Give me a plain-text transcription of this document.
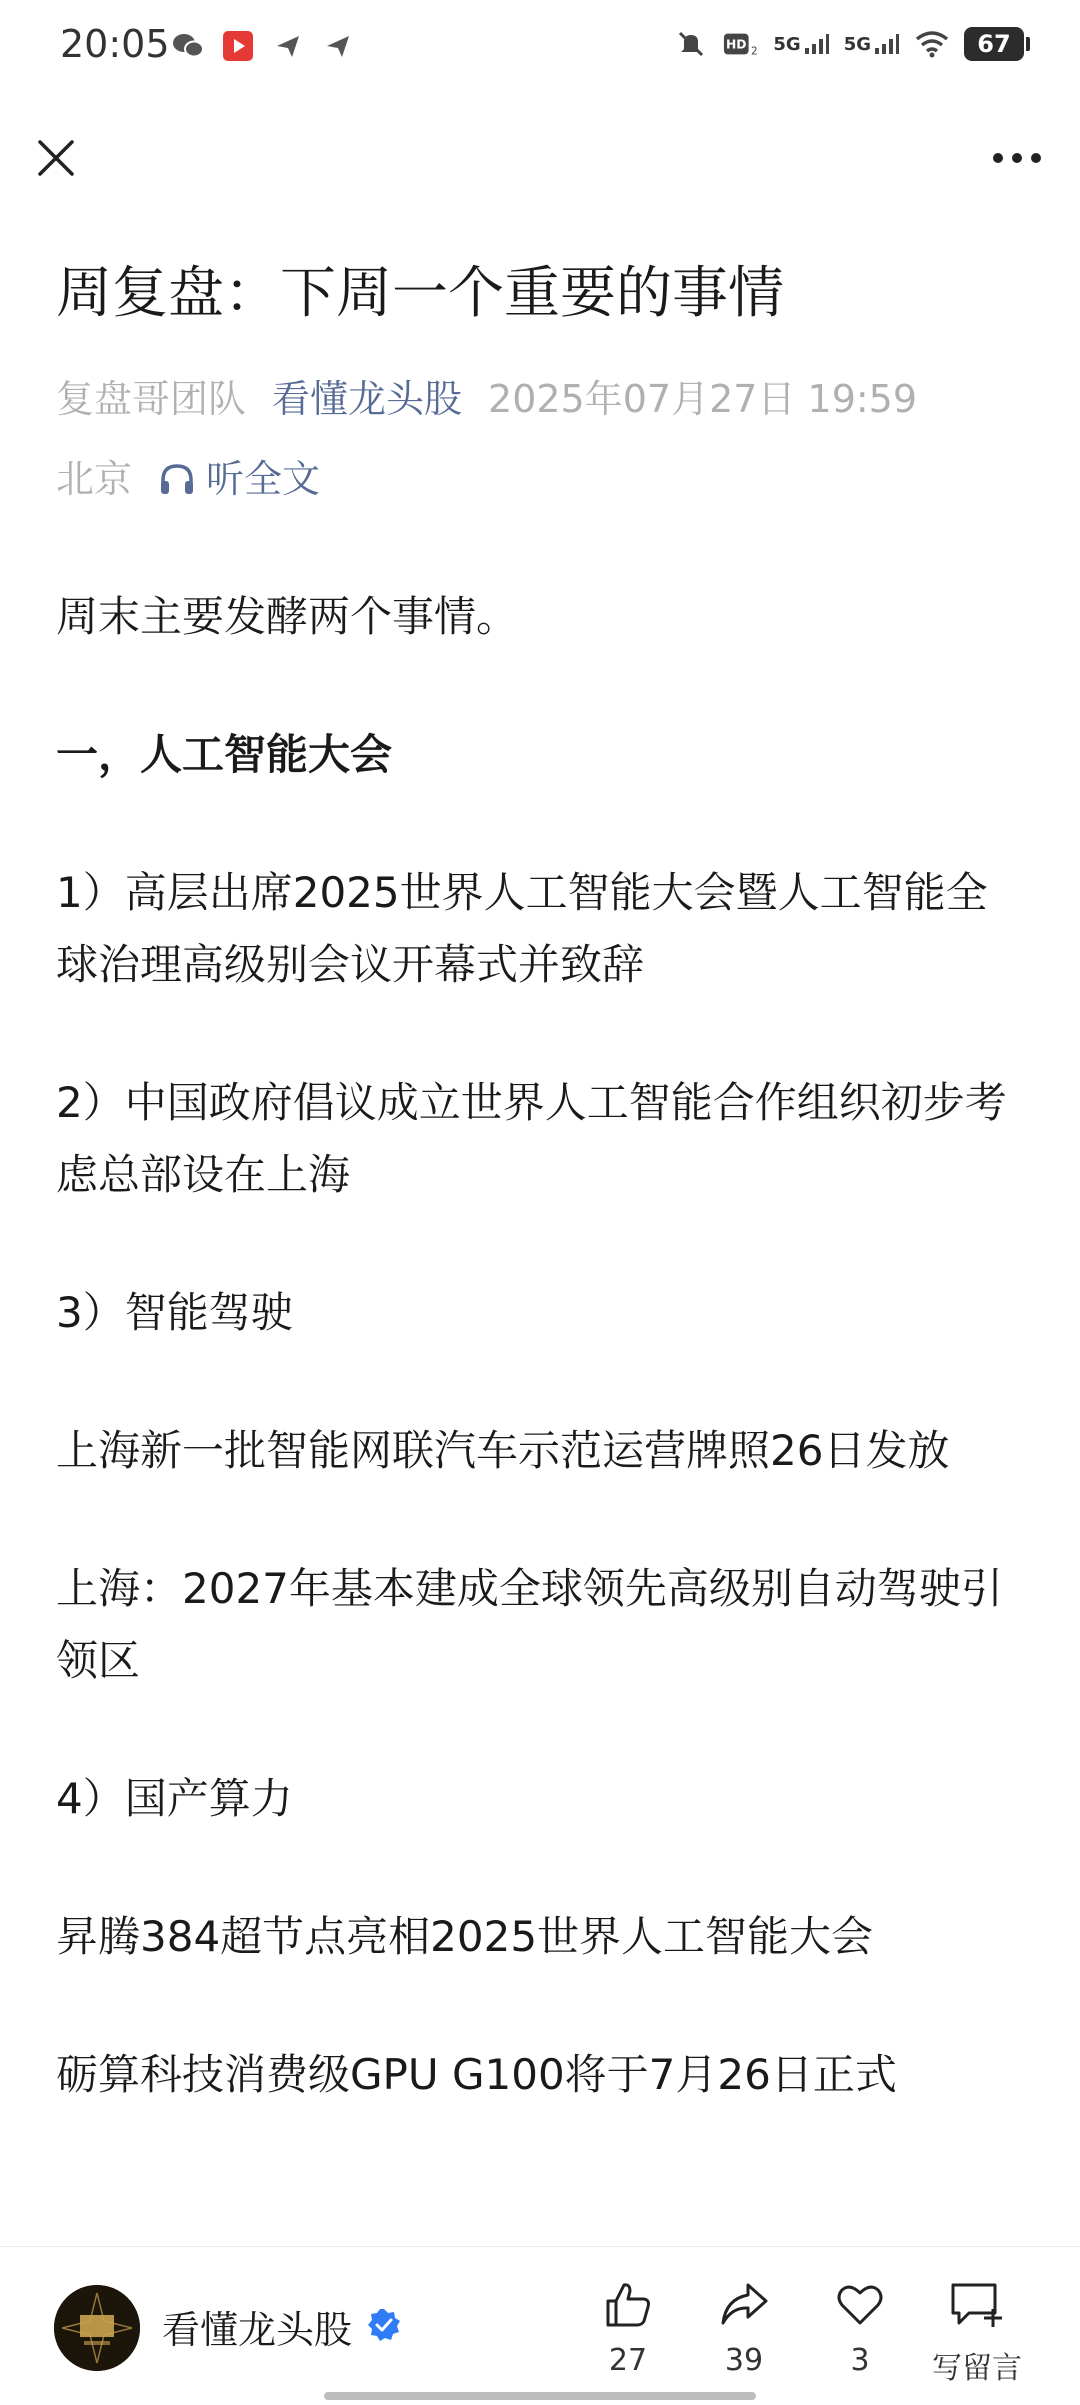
20:05	HD 2 5G 5G	67
周复盘：下周一个重要的事情
复盘哥团队 看懂龙头股 2025年07月27日 19:59
北京 听全文

周末主要发酵两个事情。

一，人工智能大会

1）高层出席2025世界人工智能大会暨人工智能全球治理高级别会议开幕式并致辞

2）中国政府倡议成立世界人工智能合作组织初步考虑总部设在上海

3）智能驾驶

上海新一批智能网联汽车示范运营牌照26日发放

上海：2027年基本建成全球领先高级别自动驾驶引领区

4）国产算力

昇腾384超节点亮相2025世界人工智能大会

砺算科技消费级GPU G100将于7月26日正式

看懂龙头股
27	39	3	写留言
